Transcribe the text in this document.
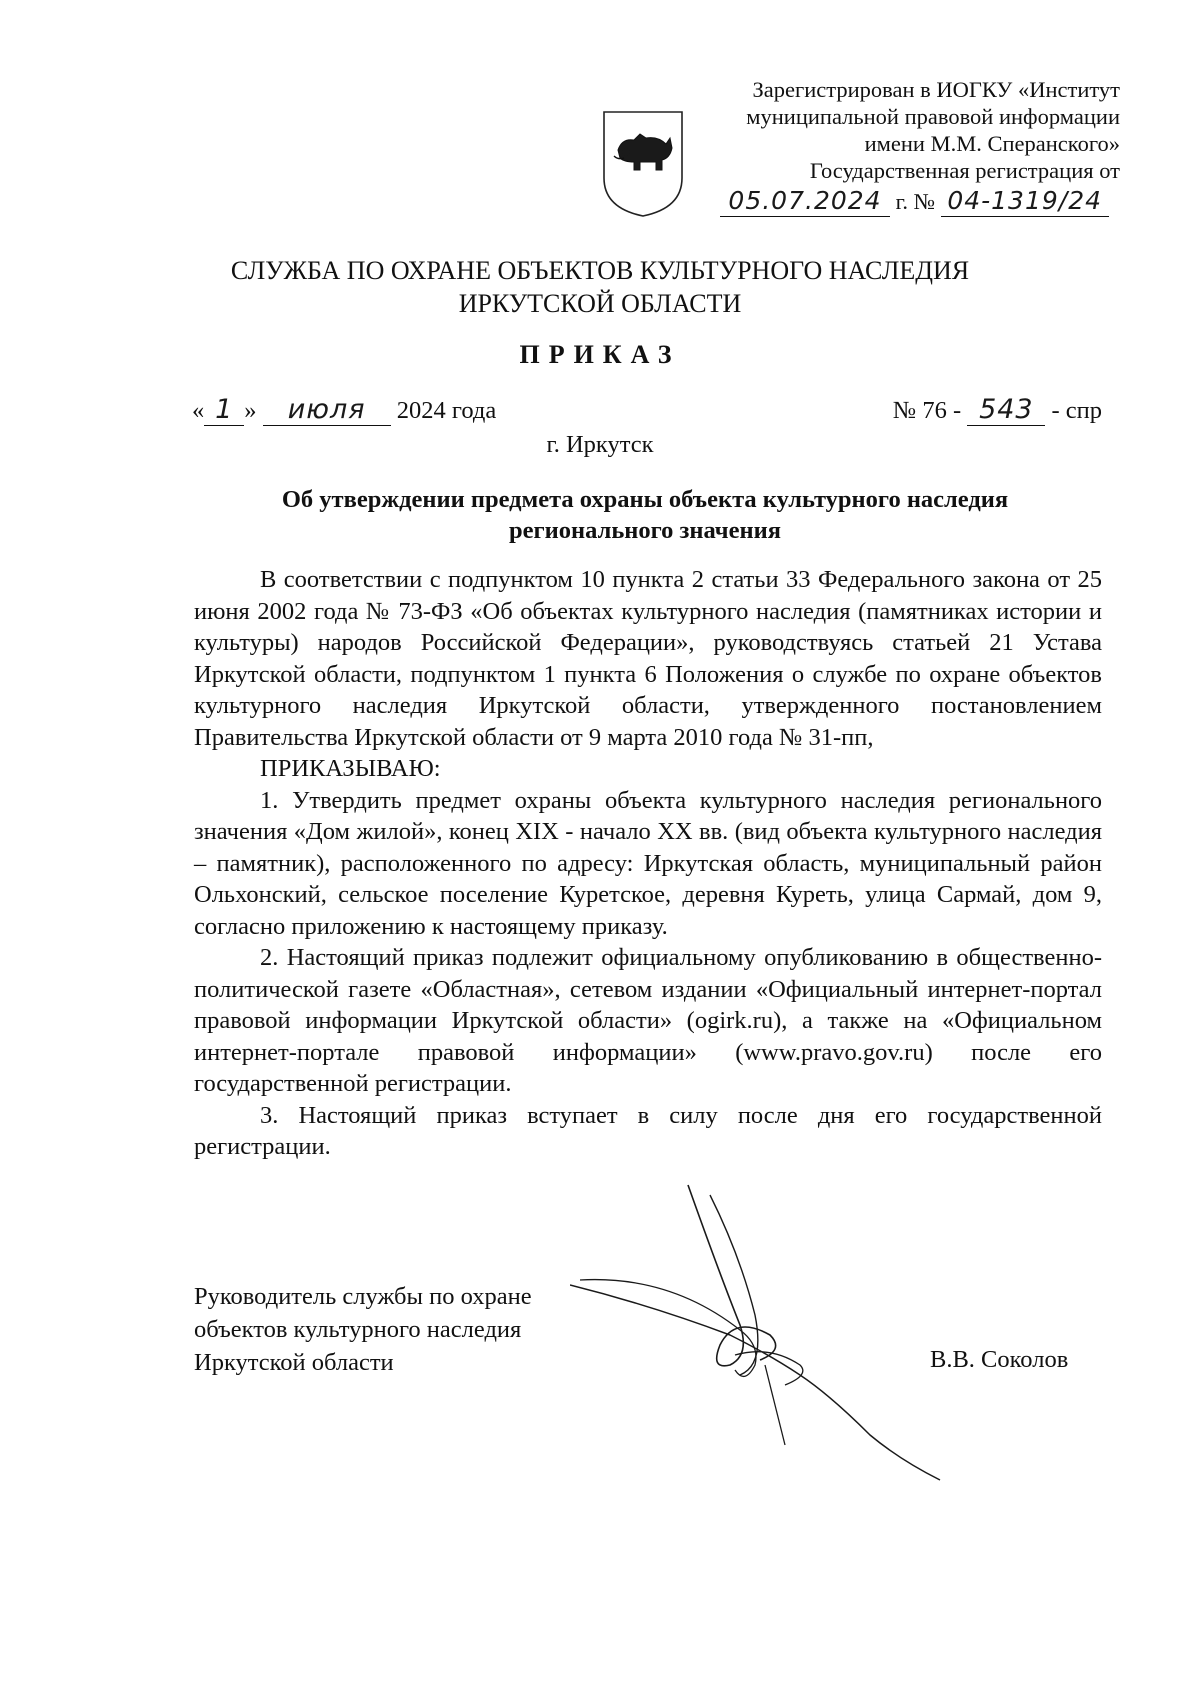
Зарегистрирован в ИОГКУ «Институт
муниципальной правовой информации
имени М.М. Сперанского»
Государственная регистрация от
05.07.2024 г. № 04-1319/24
СЛУЖБА ПО ОХРАНЕ ОБЪЕКТОВ КУЛЬТУРНОГО НАСЛЕДИЯ
ИРКУТСКОЙ ОБЛАСТИ
ПРИКАЗ
« 1 » июля 2024 года	№ 76 - 543 - спр
г. Иркутск
Об утверждении предмета охраны объекта культурного наследия
регионального значения

В соответствии с подпунктом 10 пункта 2 статьи 33 Федерального закона от 25 июня 2002 года № 73-ФЗ «Об объектах культурного наследия (памятниках истории и культуры) народов Российской Федерации», руководствуясь статьей 21 Устава Иркутской области, подпунктом 1 пункта 6 Положения о службе по охране объектов культурного наследия Иркутской области, утвержденного постановлением Правительства Иркутской области от 9 марта 2010 года № 31-пп,

ПРИКАЗЫВАЮ:

1. Утвердить предмет охраны объекта культурного наследия регионального значения «Дом жилой», конец XIX - начало XX вв. (вид объекта культурного наследия – памятник), расположенного по адресу: Иркутская область, муниципальный район Ольхонский, сельское поселение Куретское, деревня Куреть, улица Сармай, дом 9, согласно приложению к настоящему приказу.

2. Настоящий приказ подлежит официальному опубликованию в общественно-политической газете «Областная», сетевом издании «Официальный интернет-портал правовой информации Иркутской области» (ogirk.ru), а также на «Официальном интернет-портале правовой информации» (www.pravo.gov.ru) после его государственной регистрации.

3. Настоящий приказ вступает в силу после дня его государственной регистрации.

Руководитель службы по охране
объектов культурного наследия
Иркутской области	В.В. Соколов
